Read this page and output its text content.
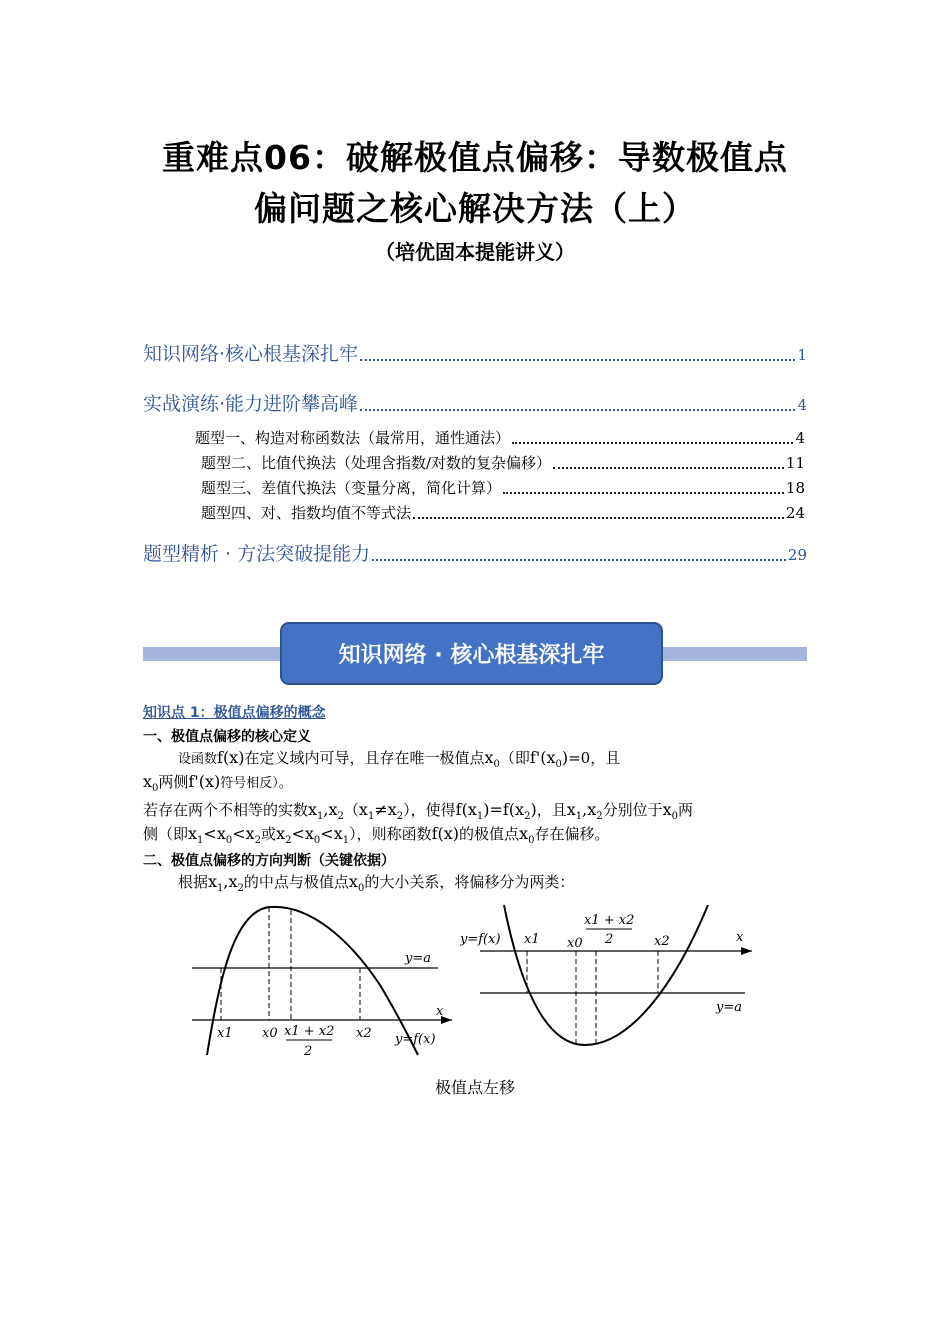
重难点06：破解极值点偏移：导数极值点
偏问题之核心解决方法（上）
（培优固本提能讲义）
知识网络·核心根基深扎牢	1
实战演练·能力进阶攀高峰	4
题型一、构造对称函数法（最常用，通性通法）	4
题型二、比值代换法（处理含指数/对数的复杂偏移）	11
题型三、差值代换法（变量分离，简化计算）	18
题型四、对、指数均值不等式法	24
题型精析 · 方法突破提能力	29
知识网络 · 核心根基深扎牢
知识点 1：极值点偏移的概念
一、极值点偏移的核心定义
设函数f(x)在定义域内可导，且存在唯一极值点$x_0$（即$f'(x_0)=0$，且
$x_0$两侧f'(x)符号相反）。
若存在两个不相等的实数$x_1,x_2(x_1\ne x_2)$，使得$f(x_1)=f(x_2)$，且$x_1,x_2$分别位于$x_0$两
侧（即$x_1<x_0<x_2$或$x_2<x_0<x_1$），则称函数f(x)的极值点$x_0$存在偏移。
二、极值点偏移的方向判断（关键依据）
根据$x_1,x_2$的中点与极值点$x_0$的大小关系，将偏移分为两类：
y=a
x
x1 x0 x1 + x2
2
x2 y=f(x)
y=f(x)	x
y=a
x1 x0
x1 + x2
2	x2
极值点左移
